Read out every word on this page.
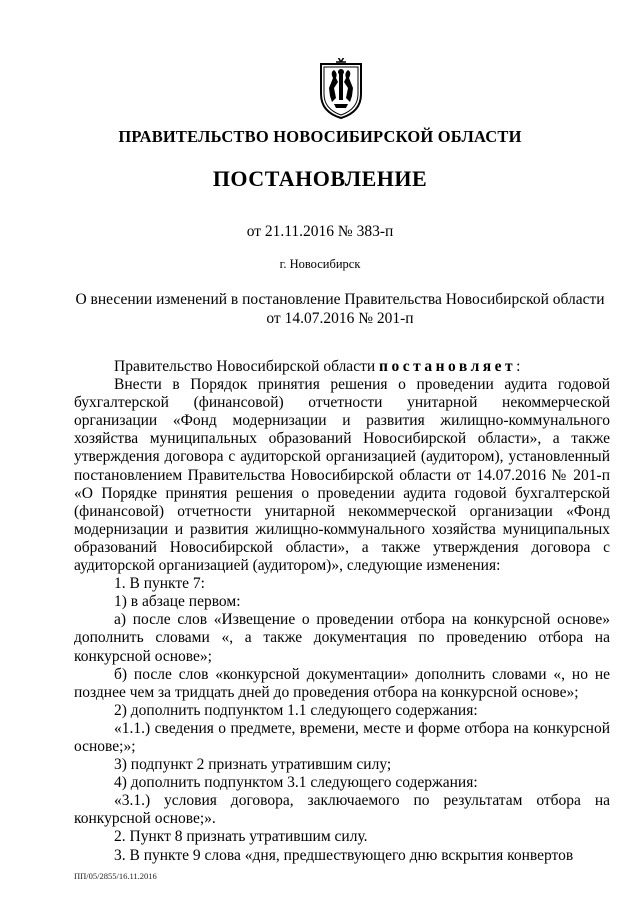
ПРАВИТЕЛЬСТВО НОВОСИБИРСКОЙ ОБЛАСТИ
ПОСТАНОВЛЕНИЕ
от 21.11.2016 № 383-п
г. Новосибирск
О внесении изменений в постановление Правительства Новосибирской области
от 14.07.2016 № 201-п

Правительство Новосибирской области постановляет:

Внести в Порядок принятия решения о проведении аудита годовой бухгалтерской (финансовой) отчетности унитарной некоммерческой организации «Фонд модернизации и развития жилищно-коммунального хозяйства муниципальных образований Новосибирской области», а также утверждения договора с аудиторской организацией (аудитором), установленный постановлением Правительства Новосибирской области от 14.07.2016 № 201-п «О Порядке принятия решения о проведении аудита годовой бухгалтерской (финансовой) отчетности унитарной некоммерческой организации «Фонд модернизации и развития жилищно-коммунального хозяйства муниципальных образований Новосибирской области», а также утверждения договора с аудиторской организацией (аудитором)», следующие изменения:

1. В пункте 7:

1) в абзаце первом:

а) после слов «Извещение о проведении отбора на конкурсной основе» дополнить словами «, а также документация по проведению отбора на конкурсной основе»;

б) после слов «конкурсной документации» дополнить словами «, но не позднее чем за тридцать дней до проведения отбора на конкурсной основе»;

2) дополнить подпунктом 1.1 следующего содержания:

«1.1.) сведения о предмете, времени, месте и форме отбора на конкурсной основе;»;

3) подпункт 2 признать утратившим силу;

4) дополнить подпунктом 3.1 следующего содержания:

«3.1.) условия договора, заключаемого по результатам отбора на конкурсной основе;».

2. Пункт 8 признать утратившим силу.

3. В пункте 9 слова «дня, предшествующего дню вскрытия конвертов

ПП/05/2855/16.11.2016
